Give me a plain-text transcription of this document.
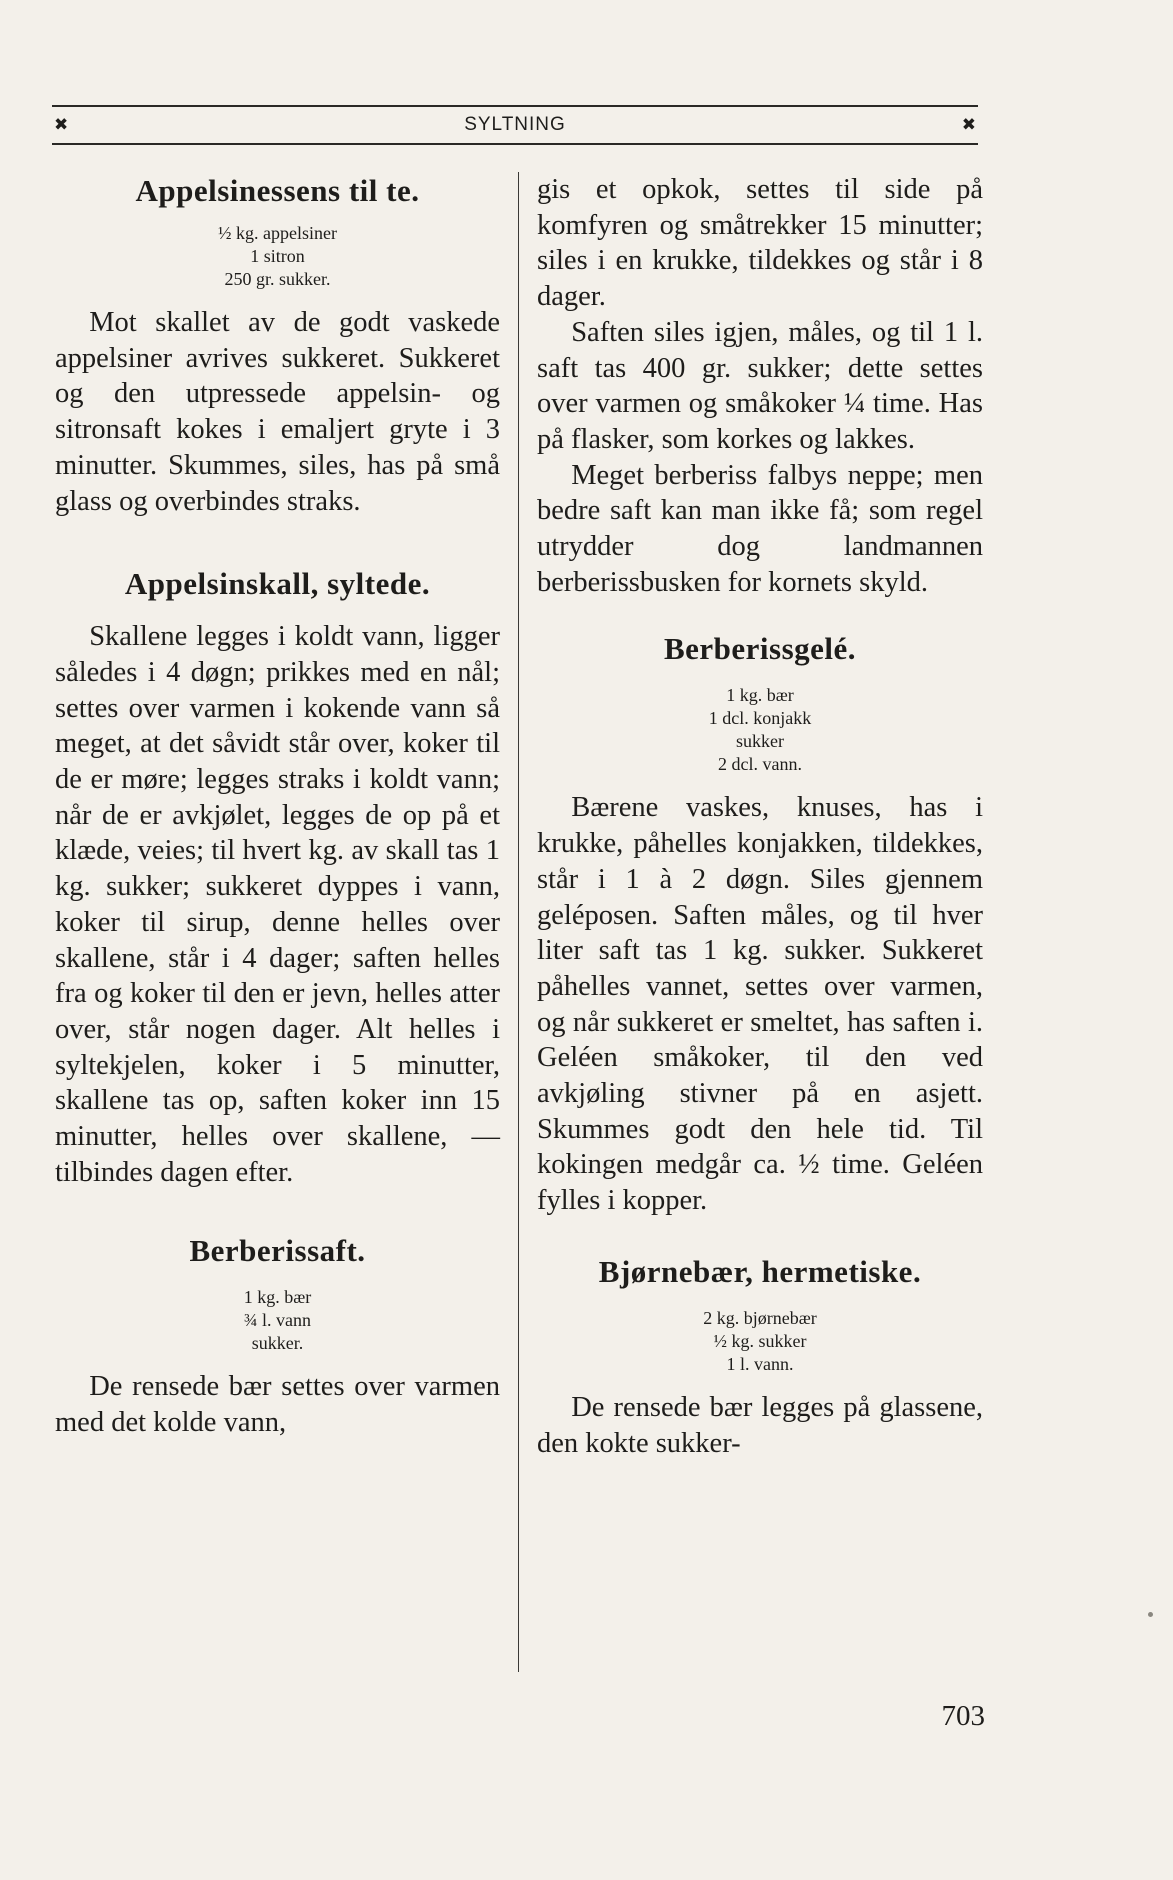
✖	SYLTNING	✖
Appelsinessens til te.
½ kg. appelsiner
1 sitron
250 gr. sukker.

Mot skallet av de godt vaskede appelsiner avrives sukkeret. Sukkeret og den utpressede appelsin- og sitronsaft kokes i emaljert gryte i 3 minutter. Skummes, siles, has på små glass og overbindes straks.

Appelsinskall, syltede.

Skallene legges i koldt vann, ligger således i 4 døgn; prikkes med en nål; settes over varmen i kokende vann så meget, at det såvidt står over, koker til de er møre; legges straks i koldt vann; når de er avkjølet, legges de op på et klæde, veies; til hvert kg. av skall tas 1 kg. sukker; sukkeret dyppes i vann, koker til sirup, denne helles over skallene, står i 4 dager; saften helles fra og koker til den er jevn, helles atter over, står nogen dager. Alt helles i syltekjelen, koker i 5 minutter, skallene tas op, saften koker inn 15 minutter, helles over skallene, — tilbindes dagen efter.

Berberissaft.
1 kg. bær
¾ l. vann
sukker.

De rensede bær settes over varmen med det kolde vann,

gis et opkok, settes til side på komfyren og småtrekker 15 minutter; siles i en krukke, tildekkes og står i 8 dager.

Saften siles igjen, måles, og til 1 l. saft tas 400 gr. sukker; dette settes over varmen og småkoker ¼ time. Has på flasker, som korkes og lakkes.

Meget berberiss falbys neppe; men bedre saft kan man ikke få; som regel utrydder dog landmannen berberissbusken for kornets skyld.

Berberissgelé.
1 kg. bær
1 dcl. konjakk
sukker
2 dcl. vann.

Bærene vaskes, knuses, has i krukke, påhelles konjakken, tildekkes, står i 1 à 2 døgn. Siles gjennem geléposen. Saften måles, og til hver liter saft tas 1 kg. sukker. Sukkeret påhelles vannet, settes over varmen, og når sukkeret er smeltet, has saften i. Geléen småkoker, til den ved avkjøling stivner på en asjett. Skummes godt den hele tid. Til kokingen medgår ca. ½ time. Geléen fylles i kopper.

Bjørnebær, hermetiske.
2 kg. bjørnebær
½ kg. sukker
1 l. vann.

De rensede bær legges på glassene, den kokte sukker-

703
